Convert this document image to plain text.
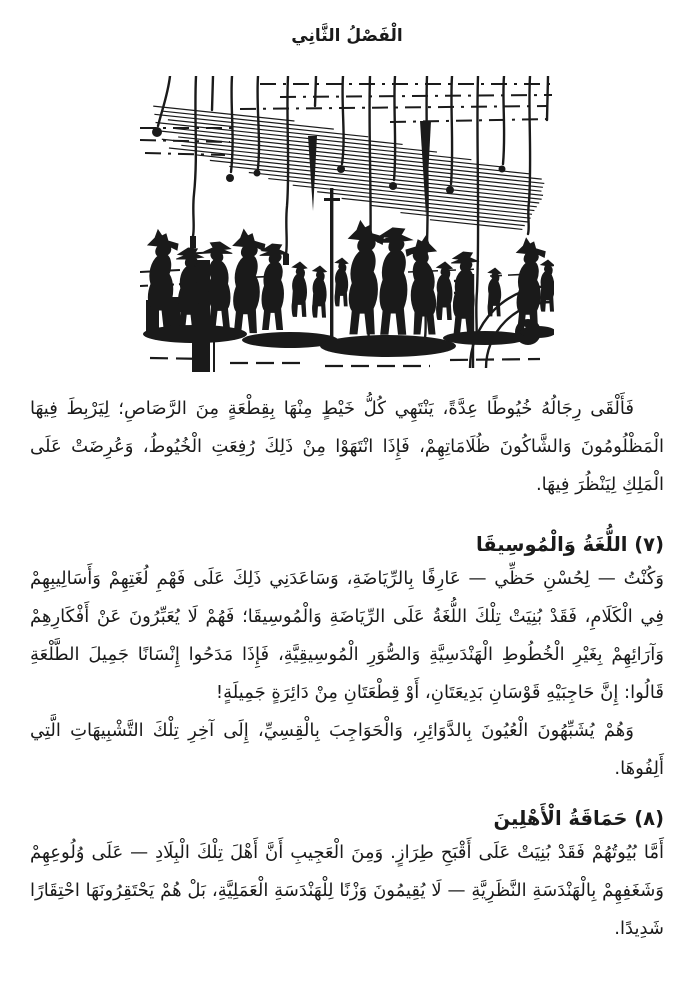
الْفَصْلُ الثَّانِي

فَأَلْقَى رِجَالُهُ خُيُوطًا عِدَّةً، يَنْتَهِي كُلُّ خَيْطٍ مِنْهَا بِقِطْعَةٍ مِنَ الرَّصَاصِ؛ لِيَرْبِطَ فِيهَا الْمَظْلُومُونَ وَالشَّاكُونَ ظُلَامَاتِهِمْ، فَإِذَا انْتَهَوْا مِنْ ذَلِكَ رُفِعَتِ الْخُيُوطُ، وَعُرِضَتْ عَلَى الْمَلِكِ لِيَنْظُرَ فِيهَا.

(٧) اللُّغَةُ وَالْمُوسِيقَا

وَكُنْتُ — لِحُسْنِ حَظِّي — عَارِفًا بِالرِّيَاضَةِ، وَسَاعَدَنِي ذَلِكَ عَلَى فَهْمِ لُغَتِهِمْ وَأَسَالِيبِهِمْ فِي الْكَلَامِ، فَقَدْ بُنِيَتْ تِلْكَ اللُّغَةُ عَلَى الرِّيَاضَةِ وَالْمُوسِيقَا؛ فَهُمْ لَا يُعَبِّرُونَ عَنْ أَفْكَارِهِمْ وَآرَائِهِمْ بِغَيْرِ الْخُطُوطِ الْهَنْدَسِيَّةِ وَالصُّوَرِ الْمُوسِيقِيَّةِ، فَإِذَا مَدَحُوا إِنْسَانًا جَمِيلَ الطَّلْعَةِ قَالُوا: إِنَّ حَاجِبَيْهِ قَوْسَانِ بَدِيعَتَانِ، أَوْ قِطْعَتَانِ مِنْ دَائِرَةٍ جَمِيلَةٍ!

وَهُمْ يُشَبِّهُونَ الْعُيُونَ بِالدَّوَائِرِ، وَالْحَوَاجِبَ بِالْقِسِيِّ، إِلَى آخِرِ تِلْكَ التَّشْبِيهَاتِ الَّتِي أَلِفُوهَا.

(٨) حَمَاقَةُ الْأَهْلِينَ

أَمَّا بُيُوتُهُمْ فَقَدْ بُنِيَتْ عَلَى أَقْبَحِ طِرَازٍ. وَمِنَ الْعَجِيبِ أَنَّ أَهْلَ تِلْكَ الْبِلَادِ — عَلَى وُلُوعِهِمْ وَشَغَفِهِمْ بِالْهَنْدَسَةِ النَّظَرِيَّةِ — لَا يُقِيمُونَ وَزْنًا لِلْهَنْدَسَةِ الْعَمَلِيَّةِ، بَلْ هُمْ يَحْتَقِرُونَهَا احْتِقَارًا شَدِيدًا.
